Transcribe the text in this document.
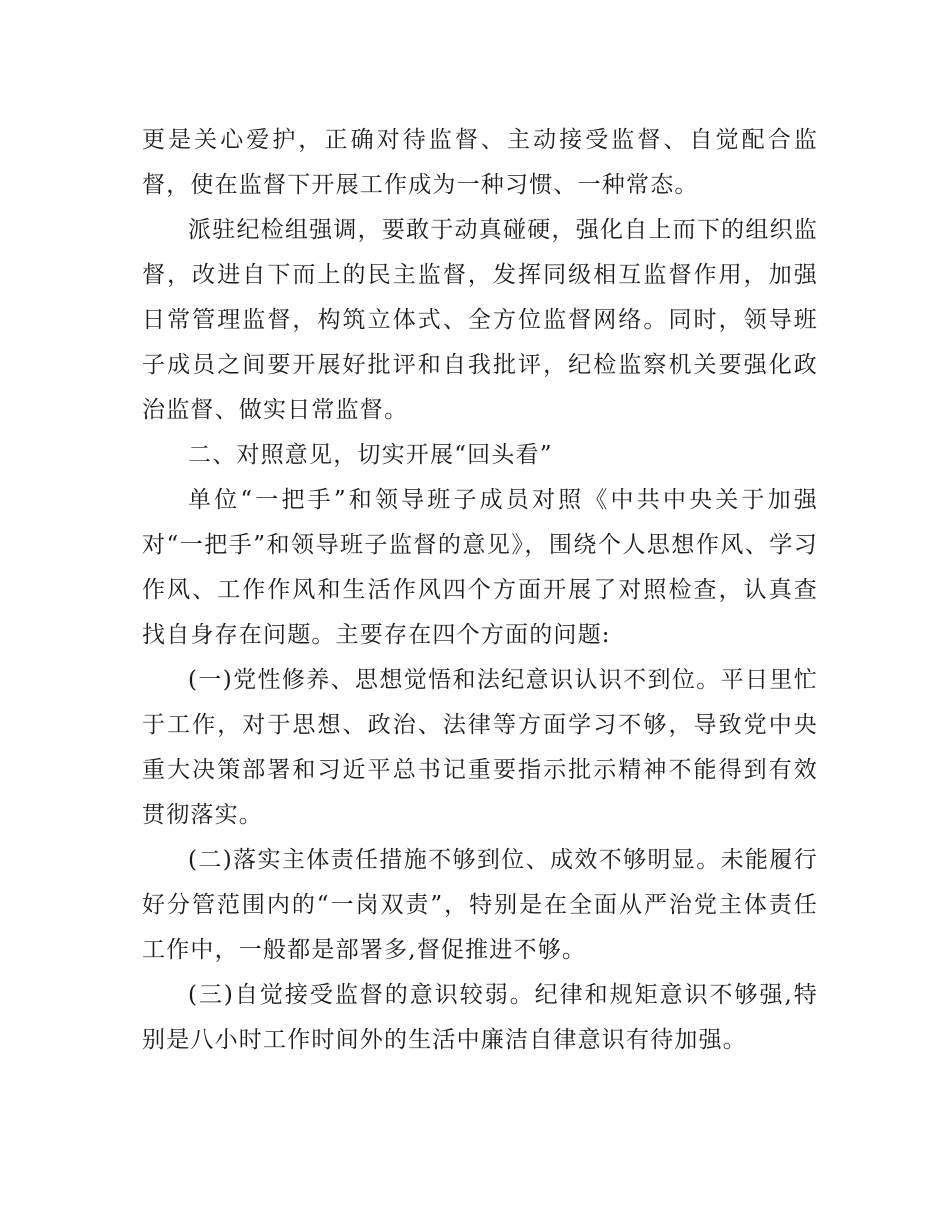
更是关心爱护，正确对待监督、主动接受监督、自觉配合监督，使在监督下开展工作成为一种习惯、一种常态。

派驻纪检组强调，要敢于动真碰硬，强化自上而下的组织监督，改进自下而上的民主监督，发挥同级相互监督作用，加强日常管理监督，构筑立体式、全方位监督网络。同时，领导班子成员之间要开展好批评和自我批评，纪检监察机关要强化政治监督、做实日常监督。

二、对照意见，切实开展“回头看”

单位“一把手”和领导班子成员对照《中共中央关于加强对“一把手”和领导班子监督的意见》，围绕个人思想作风、学习作风、工作作风和生活作风四个方面开展了对照检查，认真查找自身存在问题。主要存在四个方面的问题:

(一)党性修养、思想觉悟和法纪意识认识不到位。平日里忙于工作，对于思想、政治、法律等方面学习不够，导致党中央重大决策部署和习近平总书记重要指示批示精神不能得到有效贯彻落实。

(二)落实主体责任措施不够到位、成效不够明显。未能履行好分管范围内的“一岗双责”，特别是在全面从严治党主体责任工作中，一般都是部署多,督促推进不够。

(三)自觉接受监督的意识较弱。纪律和规矩意识不够强,特别是八小时工作时间外的生活中廉洁自律意识有待加强。
